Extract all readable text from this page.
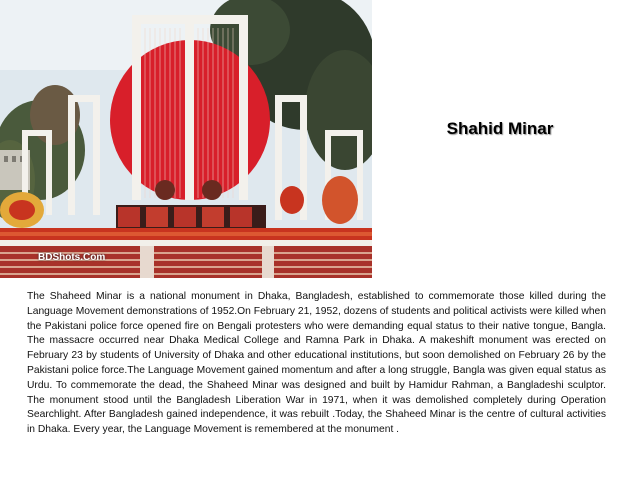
BDShots.Com
Shahid Minar

The Shaheed Minar is a national monument in Dhaka, Bangladesh, established to commemorate those killed during the Language Movement demonstrations of 1952.On February 21, 1952, dozens of students and political activists were killed when the Pakistani police force opened fire on Bengali protesters who were demanding equal status to their native tongue, Bangla. The massacre occurred near Dhaka Medical College and Ramna Park in Dhaka. A makeshift monument was erected on February 23 by students of University of Dhaka and other educational institutions, but soon demolished on February 26 by the Pakistani police force.The Language Movement gained momentum and after a long struggle, Bangla was given equal status as Urdu. To commemorate the dead, the Shaheed Minar was designed and built by Hamidur Rahman, a Bangladeshi sculptor. The monument stood until the Bangladesh Liberation War in 1971, when it was demolished completely during Operation Searchlight. After Bangladesh gained independence, it was rebuilt .Today, the Shaheed Minar is the centre of cultural activities in Dhaka. Every year, the Language Movement is remembered at the monument .
